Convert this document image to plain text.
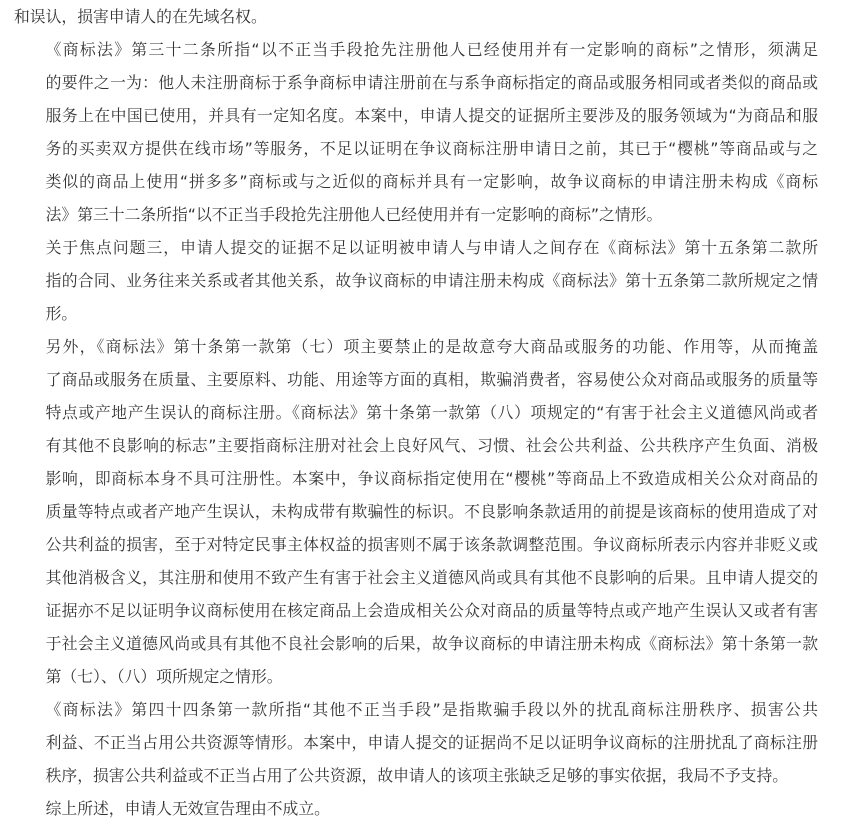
和误认，损害申请人的在先域名权。

《商标法》第三十二条所指“以不正当手段抢先注册他人已经使用并有一定影响的商标”之情形，须满足
的要件之一为：他人未注册商标于系争商标申请注册前在与系争商标指定的商品或服务相同或者类似的商品或
服务上在中国已使用，并具有一定知名度。本案中，申请人提交的证据所主要涉及的服务领域为“为商品和服
务的买卖双方提供在线市场”等服务，不足以证明在争议商标注册申请日之前，其已于“樱桃”等商品或与之
类似的商品上使用“拼多多”商标或与之近似的商标并具有一定影响，故争议商标的申请注册未构成《商标
法》第三十二条所指“以不正当手段抢先注册他人已经使用并有一定影响的商标”之情形。

关于焦点问题三，申请人提交的证据不足以证明被申请人与申请人之间存在《商标法》第十五条第二款所
指的合同、业务往来关系或者其他关系，故争议商标的申请注册未构成《商标法》第十五条第二款所规定之情
形。

另外，《商标法》第十条第一款第（七）项主要禁止的是故意夸大商品或服务的功能、作用等，从而掩盖
了商品或服务在质量、主要原料、功能、用途等方面的真相，欺骗消费者，容易使公众对商品或服务的质量等
特点或产地产生误认的商标注册。《商标法》第十条第一款第（八）项规定的“有害于社会主义道德风尚或者
有其他不良影响的标志”主要指商标注册对社会上良好风气、习惯、社会公共利益、公共秩序产生负面、消极
影响，即商标本身不具可注册性。本案中，争议商标指定使用在“樱桃”等商品上不致造成相关公众对商品的
质量等特点或者产地产生误认，未构成带有欺骗性的标识。不良影响条款适用的前提是该商标的使用造成了对
公共利益的损害，至于对特定民事主体权益的损害则不属于该条款调整范围。争议商标所表示内容并非贬义或
其他消极含义，其注册和使用不致产生有害于社会主义道德风尚或具有其他不良影响的后果。且申请人提交的
证据亦不足以证明争议商标使用在核定商品上会造成相关公众对商品的质量等特点或产地产生误认又或者有害
于社会主义道德风尚或具有其他不良社会影响的后果，故争议商标的申请注册未构成《商标法》第十条第一款
第（七）、（八）项所规定之情形。

《商标法》第四十四条第一款所指“其他不正当手段”是指欺骗手段以外的扰乱商标注册秩序、损害公共
利益、不正当占用公共资源等情形。本案中，申请人提交的证据尚不足以证明争议商标的注册扰乱了商标注册
秩序，损害公共利益或不正当占用了公共资源，故申请人的该项主张缺乏足够的事实依据，我局不予支持。

综上所述，申请人无效宣告理由不成立。
